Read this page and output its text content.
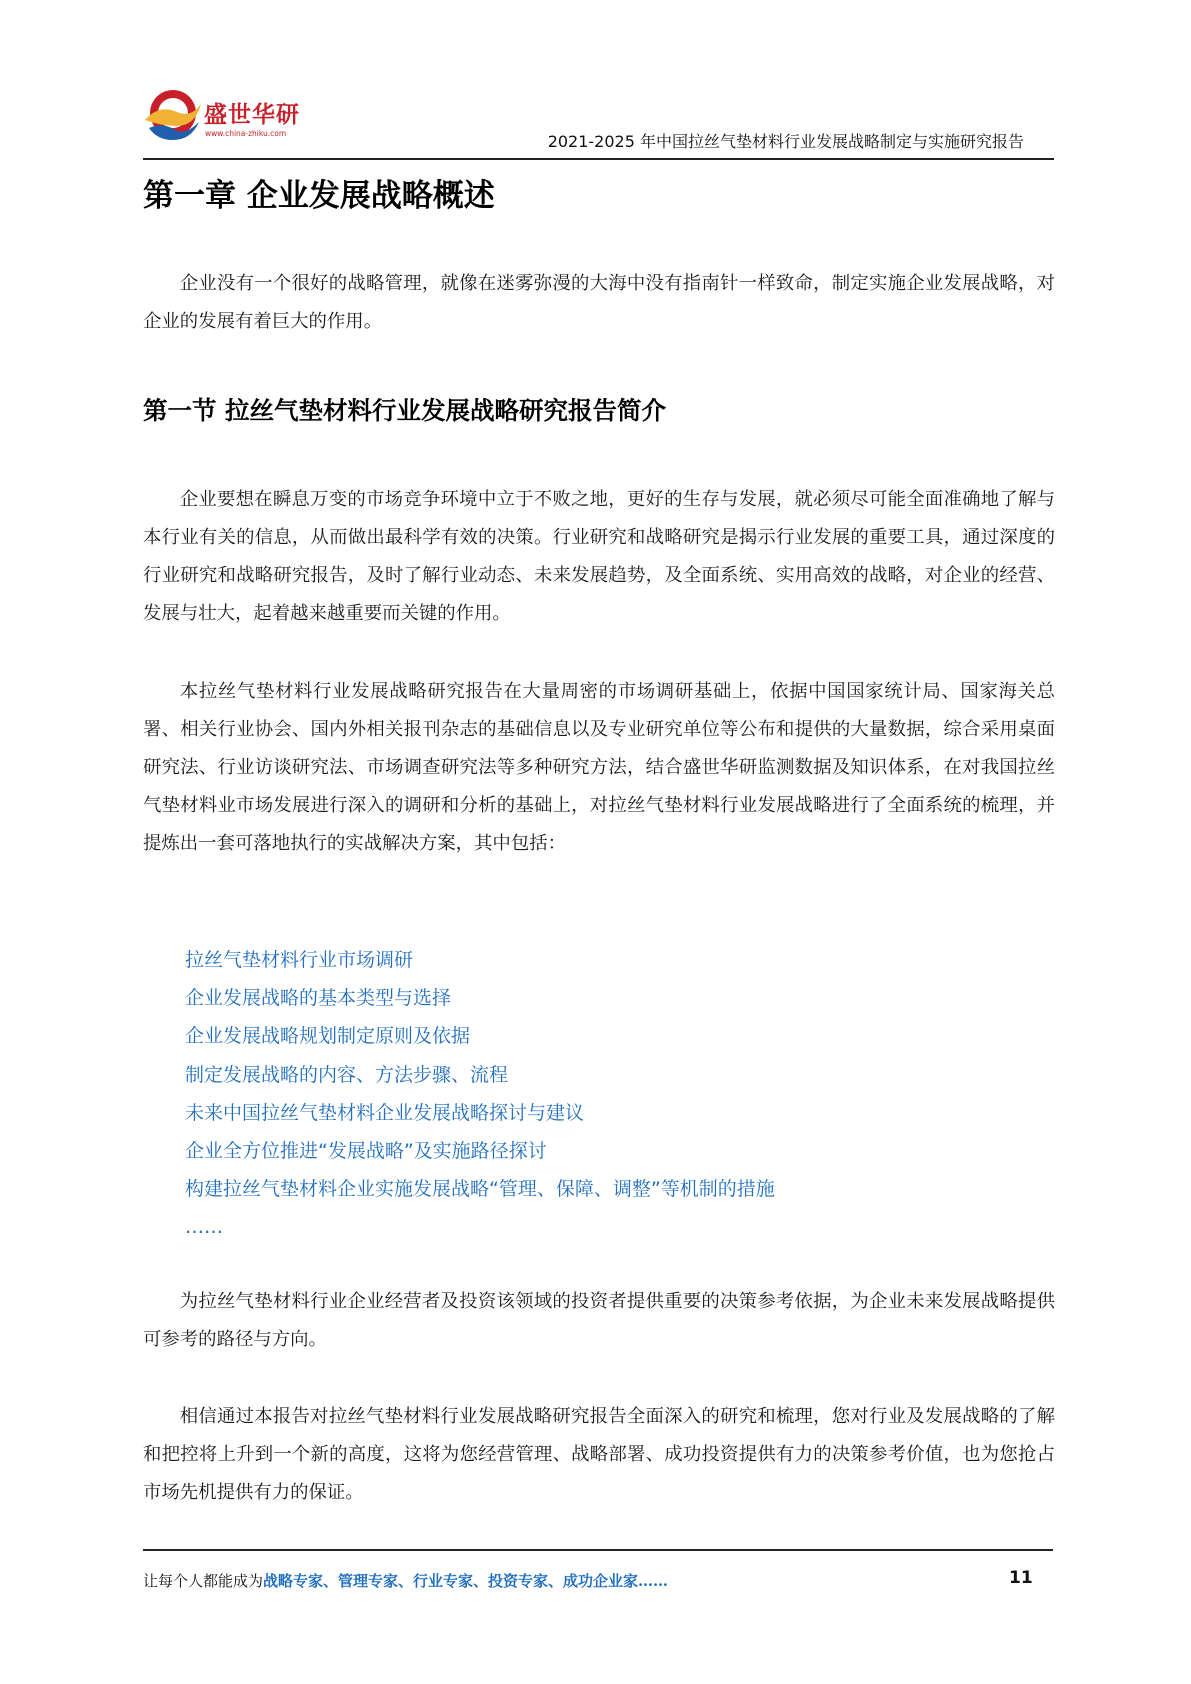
盛世华研
www.china-zhiku.com	2021-2025 年中国拉丝气垫材料行业发展战略制定与实施研究报告
第一章 企业发展战略概述

企业没有一个很好的战略管理，就像在迷雾弥漫的大海中没有指南针一样致命，制定实施企业发展战略，对企业的发展有着巨大的作用。

第一节 拉丝气垫材料行业发展战略研究报告简介

企业要想在瞬息万变的市场竞争环境中立于不败之地，更好的生存与发展，就必须尽可能全面准确地了解与本行业有关的信息，从而做出最科学有效的决策。行业研究和战略研究是揭示行业发展的重要工具，通过深度的行业研究和战略研究报告，及时了解行业动态、未来发展趋势，及全面系统、实用高效的战略，对企业的经营、发展与壮大，起着越来越重要而关键的作用。

本拉丝气垫材料行业发展战略研究报告在大量周密的市场调研基础上，依据中国国家统计局、国家海关总署、相关行业协会、国内外相关报刊杂志的基础信息以及专业研究单位等公布和提供的大量数据，综合采用桌面研究法、行业访谈研究法、市场调查研究法等多种研究方法，结合盛世华研监测数据及知识体系，在对我国拉丝气垫材料业市场发展进行深入的调研和分析的基础上，对拉丝气垫材料行业发展战略进行了全面系统的梳理，并提炼出一套可落地执行的实战解决方案，其中包括：

拉丝气垫材料行业市场调研
企业发展战略的基本类型与选择
企业发展战略规划制定原则及依据
制定发展战略的内容、方法步骤、流程
未来中国拉丝气垫材料企业发展战略探讨与建议
企业全方位推进“发展战略”及实施路径探讨
构建拉丝气垫材料企业实施发展战略“管理、保障、调整”等机制的措施
……

为拉丝气垫材料行业企业经营者及投资该领域的投资者提供重要的决策参考依据，为企业未来发展战略提供可参考的路径与方向。

相信通过本报告对拉丝气垫材料行业发展战略研究报告全面深入的研究和梳理，您对行业及发展战略的了解和把控将上升到一个新的高度，这将为您经营管理、战略部署、成功投资提供有力的决策参考价值，也为您抢占市场先机提供有力的保证。

让每个人都能成为战略专家、管理专家、行业专家、投资专家、成功企业家……	11
